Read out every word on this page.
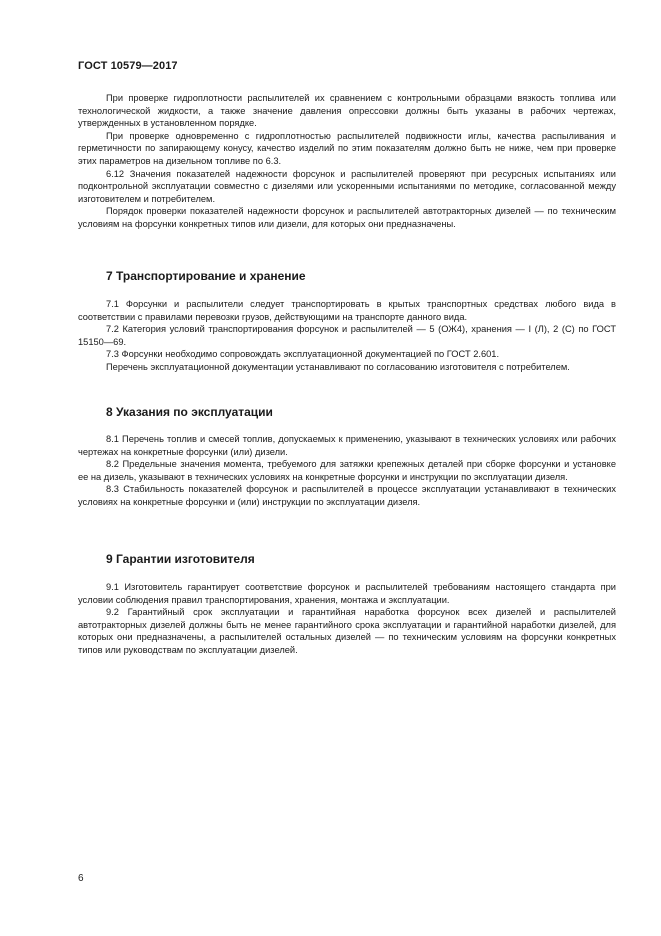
ГОСТ 10579—2017

При проверке гидроплотности распылителей их сравнением с контрольными образцами вязкость топлива или технологической жидкости, а также значение давления опрессовки должны быть указаны в рабочих чертежах, утвержденных в установленном порядке.

При проверке одновременно с гидроплотностью распылителей подвижности иглы, качества распыливания и герметичности по запирающему конусу, качество изделий по этим показателям должно быть не ниже, чем при проверке этих параметров на дизельном топливе по 6.3.

6.12 Значения показателей надежности форсунок и распылителей проверяют при ресурсных испытаниях или подконтрольной эксплуатации совместно с дизелями или ускоренными испытаниями по методике, согласованной между изготовителем и потребителем.

Порядок проверки показателей надежности форсунок и распылителей автотракторных дизелей — по техническим условиям на форсунки конкретных типов или дизели, для которых они предназначены.

7 Транспортирование и хранение

7.1 Форсунки и распылители следует транспортировать в крытых транспортных средствах любого вида в соответствии с правилами перевозки грузов, действующими на транспорте данного вида.

7.2 Категория условий транспортирования форсунок и распылителей — 5 (ОЖ4), хранения — I (Л), 2 (С) по ГОСТ 15150—69.

7.3 Форсунки необходимо сопровождать эксплуатационной документацией по ГОСТ 2.601.

Перечень эксплуатационной документации устанавливают по согласованию изготовителя с потребителем.

8 Указания по эксплуатации

8.1 Перечень топлив и смесей топлив, допускаемых к применению, указывают в технических условиях или рабочих чертежах на конкретные форсунки (или) дизели.

8.2 Предельные значения момента, требуемого для затяжки крепежных деталей при сборке форсунки и установке ее на дизель, указывают в технических условиях на конкретные форсунки и инструкции по эксплуатации дизеля.

8.3 Стабильность показателей форсунок и распылителей в процессе эксплуатации устанавливают в технических условиях на конкретные форсунки и (или) инструкции по эксплуатации дизеля.

9 Гарантии изготовителя

9.1 Изготовитель гарантирует соответствие форсунок и распылителей требованиям настоящего стандарта при условии соблюдения правил транспортирования, хранения, монтажа и эксплуатации.

9.2 Гарантийный срок эксплуатации и гарантийная наработка форсунок всех дизелей и распылителей автотракторных дизелей должны быть не менее гарантийного срока эксплуатации и гарантийной наработки дизелей, для которых они предназначены, а распылителей остальных дизелей — по техническим условиям на форсунки конкретных типов или руководствам по эксплуатации дизелей.

6
